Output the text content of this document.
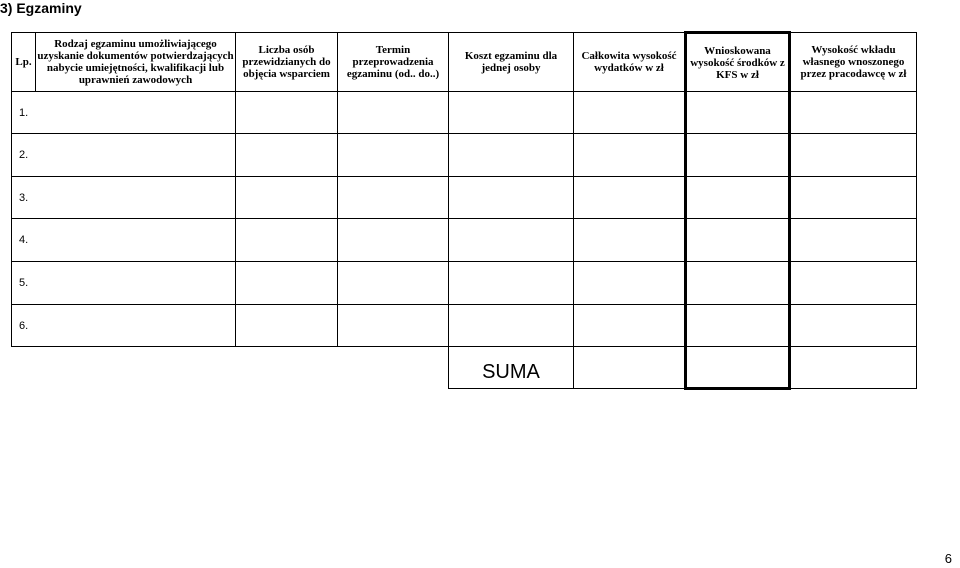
3) Egzaminy
Lp.	Rodzaj egzaminu umożliwiającego uzyskanie dokumentów potwierdzających nabycie umiejętności, kwalifikacji lub uprawnień zawodowych	Liczba osób przewidzianych do objęcia wsparciem	Termin przeprowadzenia egzaminu (od.. do..)	Koszt egzaminu dla jednej osoby	Całkowita wysokość wydatków w zł	Wnioskowana wysokość środków z KFS w zł	Wysokość wkładu własnego wnoszonego przez pracodawcę w zł
1.							
2.							
3.							
4.							
5.							
6.							
				SUMA			
6
